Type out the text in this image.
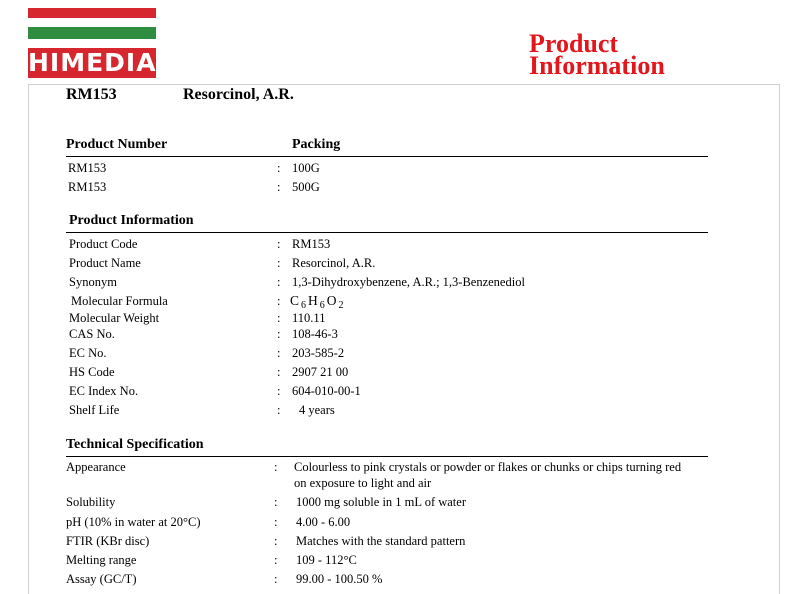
HIMEDIA
Product
Information
RM153	Resorcinol, A.R.
Product Number	Packing
RM153	: 100G
RM153	: 500G
Product Information
Product Code	: RM153
Product Name	: Resorcinol, A.R.
Synonym	: 1,3-Dihydroxybenzene, A.R.; 1,3-Benzenediol
Molecular Formula	: C $_6$ H $_6$ O $_2$
Molecular Weight	: 110.11
CAS No.	: 108-46-3
EC No.	: 203-585-2
HS Code	: 2907 21 00
EC Index No.	: 604-010-00-1
Shelf Life	: 4 years
Technical Specification
Appearance	: Colourless to pink crystals or powder or flakes or chunks or chips turning red
on exposure to light and air
Solubility	: 1000 mg soluble in 1 mL of water
pH (10% in water at 20°C)	: 4.00 - 6.00
FTIR (KBr disc)	: Matches with the standard pattern
Melting range	: 109 - 112°C
Assay (GC/T)	: 99.00 - 100.50 %
